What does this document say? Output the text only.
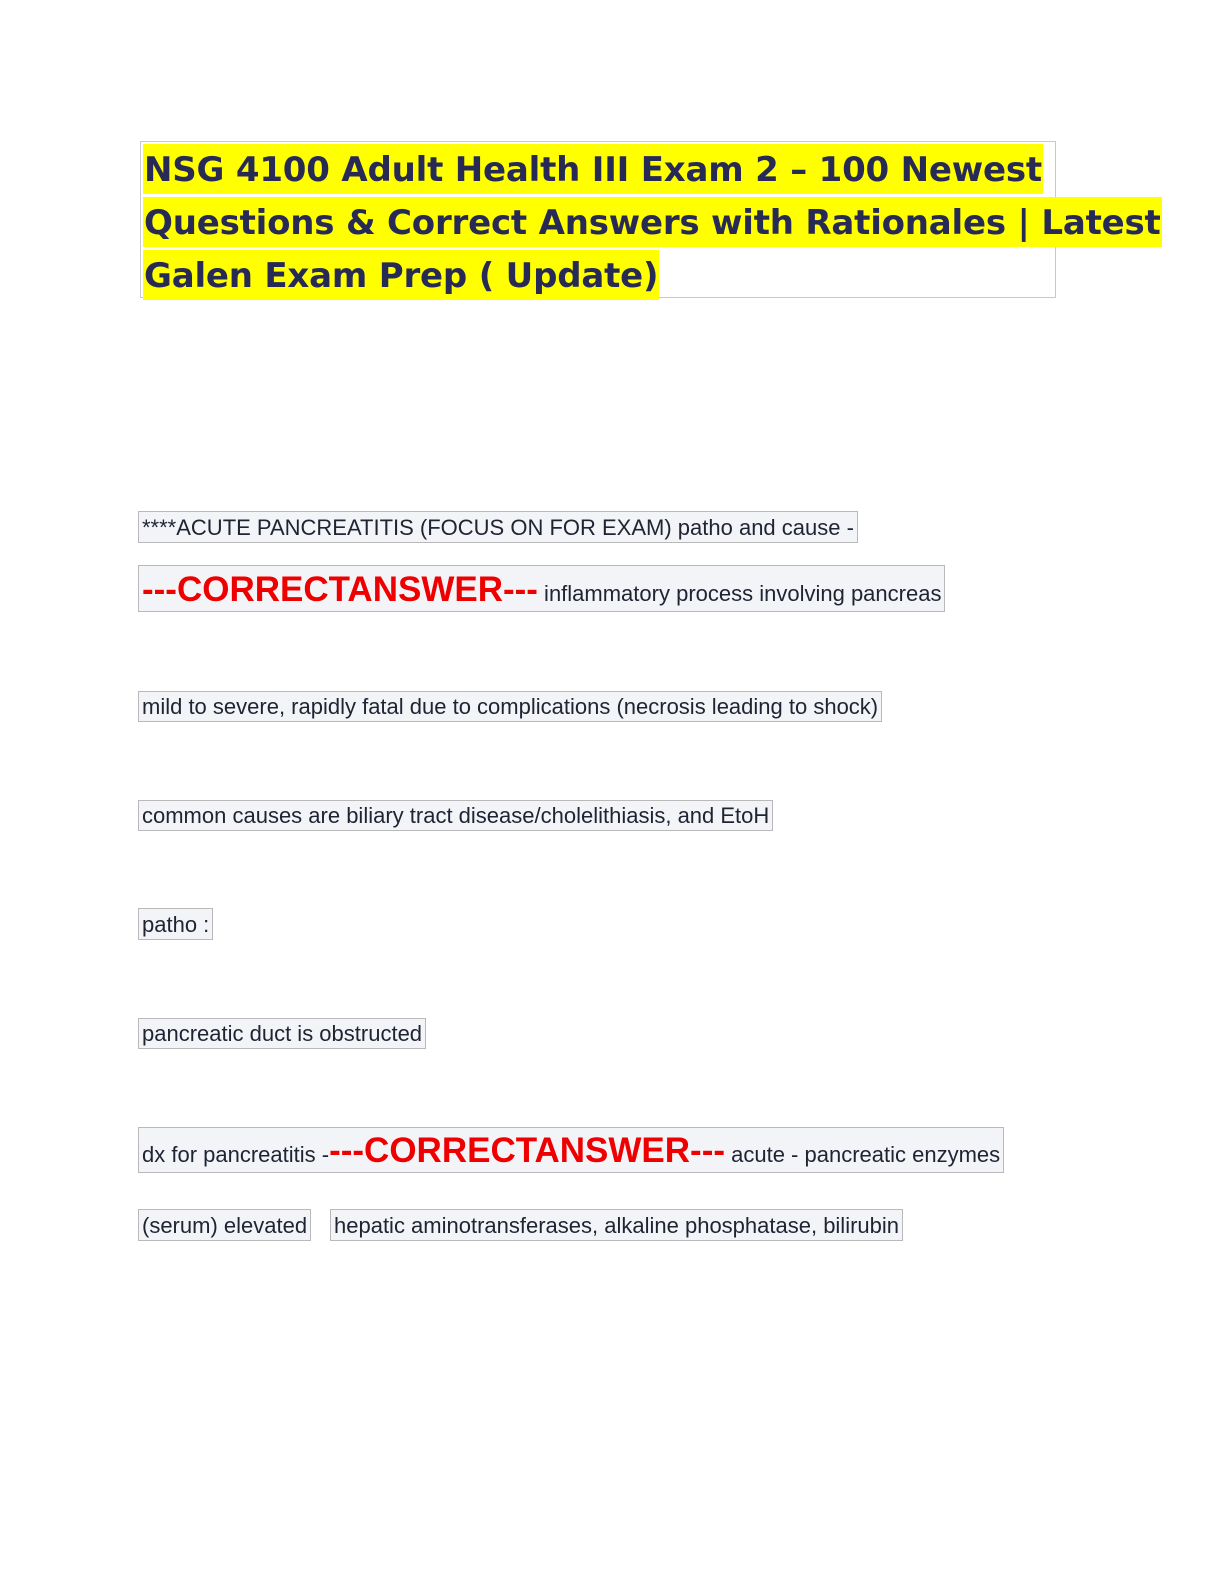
NSG 4100 Adult Health III Exam 2 – 100 Newest
Questions & Correct Answers with Rationales | Latest
Galen Exam Prep ( Update)
****ACUTE PANCREATITIS (FOCUS ON FOR EXAM) patho and cause -
---CORRECTANSWER--- inflammatory process involving pancreas
mild to severe, rapidly fatal due to complications (necrosis leading to shock)
common causes are biliary tract disease/cholelithiasis, and EtoH
patho :
pancreatic duct is obstructed
dx for pancreatitis ----CORRECTANSWER--- acute - pancreatic enzymes
(serum) elevated hepatic aminotransferases, alkaline phosphatase, bilirubin
